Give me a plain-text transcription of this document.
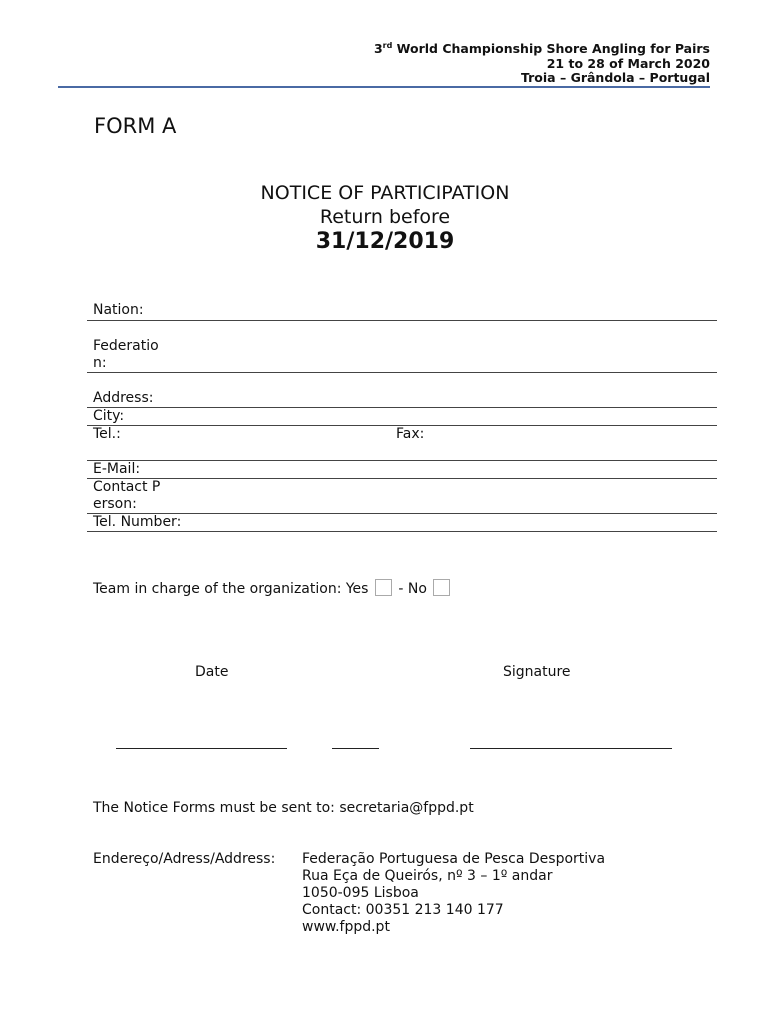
3rd World Championship Shore Angling for Pairs
21 to 28 of March 2020
Troia – Grândola – Portugal
FORM A
NOTICE OF PARTICIPATION
Return before
31/12/2019
Nation:
Federation:
Address:
City:
Tel.:	Fax:
E-Mail:
Contact Person:
Tel. Number:
Team in charge of the organization: Yes  - No
Date	Signature
The Notice Forms must be sent to: secretaria@fppd.pt
Endereço/Adress/Address: Federação Portuguesa de Pesca Desportiva
Rua Eça de Queirós, nº 3 – 1º andar
1050-095 Lisboa
Contact: 00351 213 140 177
www.fppd.pt
